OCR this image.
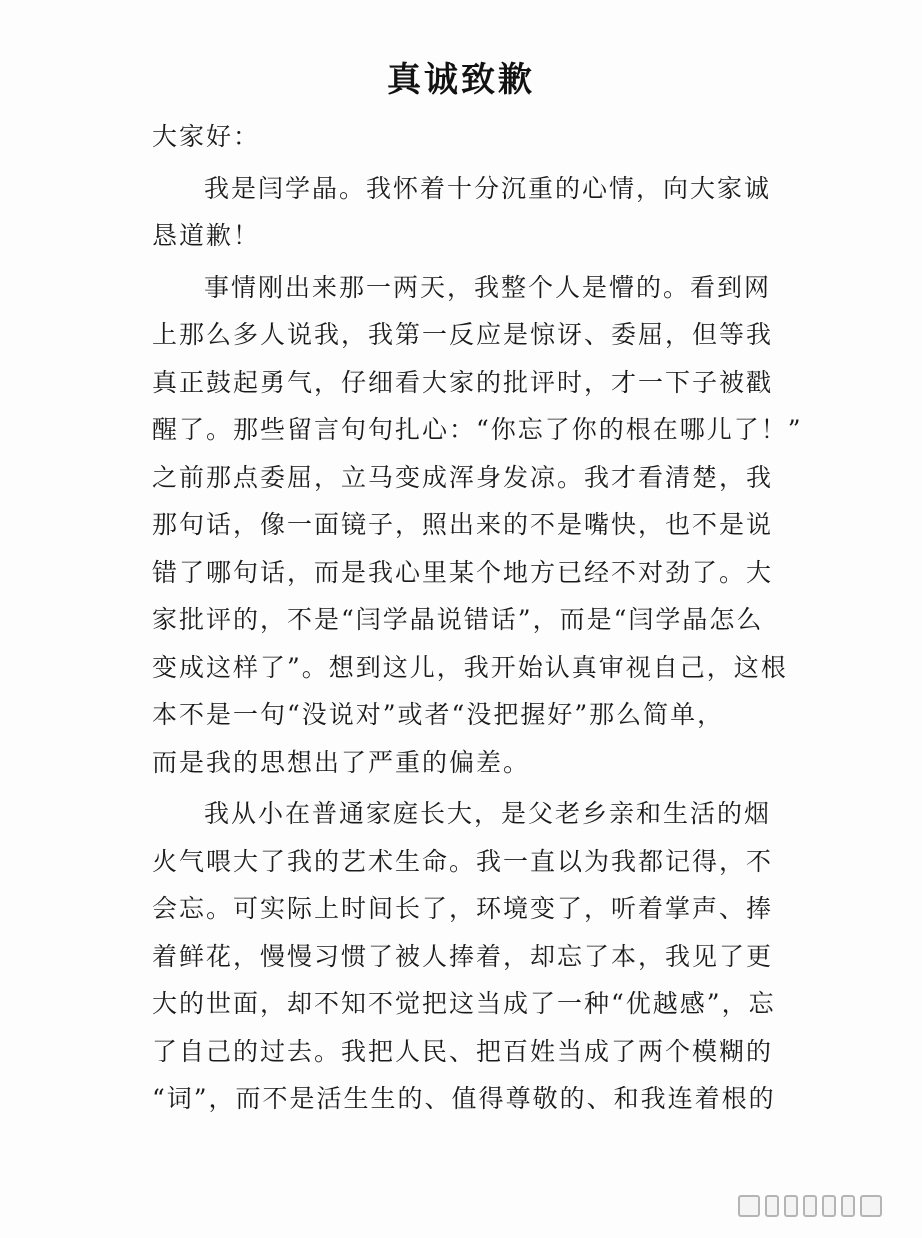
真诚致歉
大家好：
我是闫学晶。我怀着十分沉重的心情，向大家诚
恳道歉！
事情刚出来那一两天，我整个人是懵的。看到网
上那么多人说我，我第一反应是惊讶、委屈，但等我
真正鼓起勇气，仔细看大家的批评时，才一下子被戳
醒了。那些留言句句扎心：“你忘了你的根在哪儿了！”
之前那点委屈，立马变成浑身发凉。我才看清楚，我
那句话，像一面镜子，照出来的不是嘴快，也不是说
错了哪句话，而是我心里某个地方已经不对劲了。大
家批评的，不是“闫学晶说错话”，而是“闫学晶怎么
变成这样了”。想到这儿，我开始认真审视自己，这根
本不是一句“没说对”或者“没把握好”那么简单，
而是我的思想出了严重的偏差。
我从小在普通家庭长大，是父老乡亲和生活的烟
火气喂大了我的艺术生命。我一直以为我都记得，不
会忘。可实际上时间长了，环境变了，听着掌声、捧
着鲜花，慢慢习惯了被人捧着，却忘了本，我见了更
大的世面，却不知不觉把这当成了一种“优越感”，忘
了自己的过去。我把人民、把百姓当成了两个模糊的
“词”，而不是活生生的、值得尊敬的、和我连着根的
